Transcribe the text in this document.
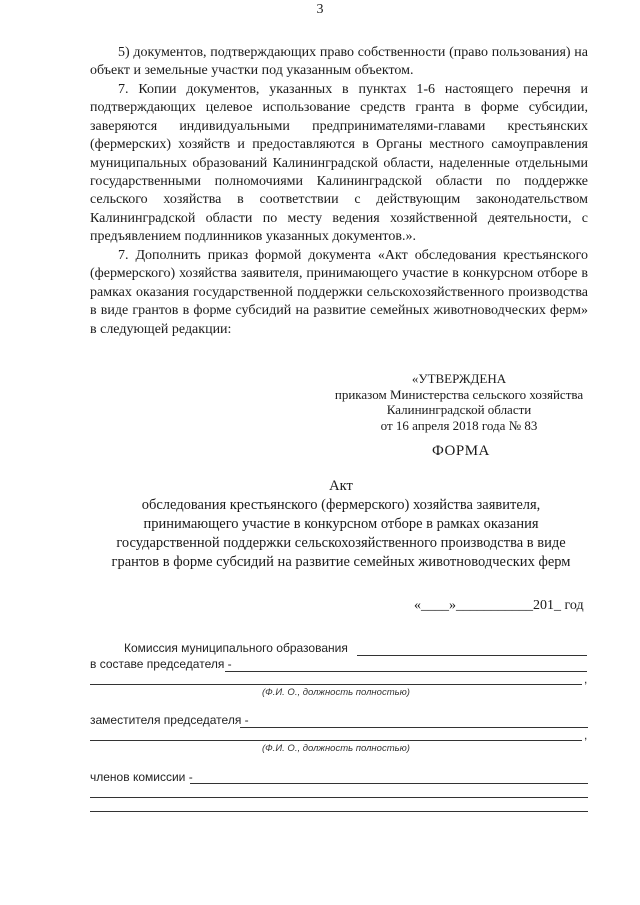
3
5) документов, подтверждающих право собственности (право пользования) на объект и земельные участки под указанным объектом.
7. Копии документов, указанных в пунктах 1-6 настоящего перечня и подтверждающих целевое использование средств гранта в форме субсидии, заверяются индивидуальными предпринимателями-главами крестьянских (фермерских) хозяйств и предоставляются в Органы местного самоуправления муниципальных образований Калининградской области, наделенные отдельными государственными полномочиями Калининградской области по поддержке сельского хозяйства в соответствии с действующим законодательством Калининградской области по месту ведения хозяйственной деятельности, с предъявлением подлинников указанных документов.».
7. Дополнить приказ формой документа «Акт обследования крестьянского (фермерского) хозяйства заявителя, принимающего участие в конкурсном отборе в рамках оказания государственной поддержки сельскохозяйственного производства в виде грантов в форме субсидий на развитие семейных животноводческих ферм» в следующей редакции:
«УТВЕРЖДЕНА
приказом Министерства сельского хозяйства
Калининградской области
от 16 апреля 2018 года № 83
ФОРМА
Акт
обследования крестьянского (фермерского) хозяйства заявителя,
принимающего участие в конкурсном отборе в рамках оказания
государственной поддержки сельскохозяйственного производства в виде
грантов в форме субсидий на развитие семейных животноводческих ферм
«____»___________201_ год
Комиссия муниципального образования
в составе председателя -
,
(Ф.И. О., должность полностью)
заместителя председателя -
,
(Ф.И. О., должность полностью)
членов комиссии -
